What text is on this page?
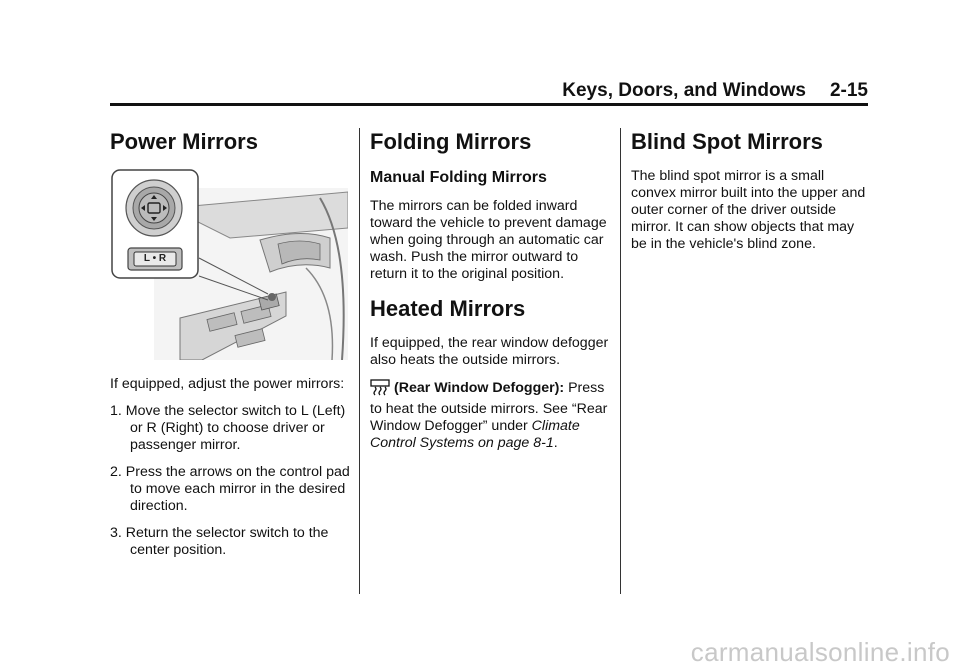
Keys, Doors, and Windows 2-15
Power Mirrors
L • R

If equipped, adjust the power mirrors:

1. Move the selector switch to L (Left) or R (Right) to choose driver or passenger mirror.
2. Press the arrows on the control pad to move each mirror in the desired direction.
3. Return the selector switch to the center position.
Folding Mirrors
Manual Folding Mirrors

The mirrors can be folded inward toward the vehicle to prevent damage when going through an automatic car wash. Push the mirror outward to return it to the original position.

Heated Mirrors

If equipped, the rear window defogger also heats the outside mirrors.

(Rear Window Defogger): Press to heat the outside mirrors. See “Rear Window Defogger” under Climate Control Systems on page 8-1.

Blind Spot Mirrors

The blind spot mirror is a small convex mirror built into the upper and outer corner of the driver outside mirror. It can show objects that may be in the vehicle's blind zone.

carmanualsonline.info
